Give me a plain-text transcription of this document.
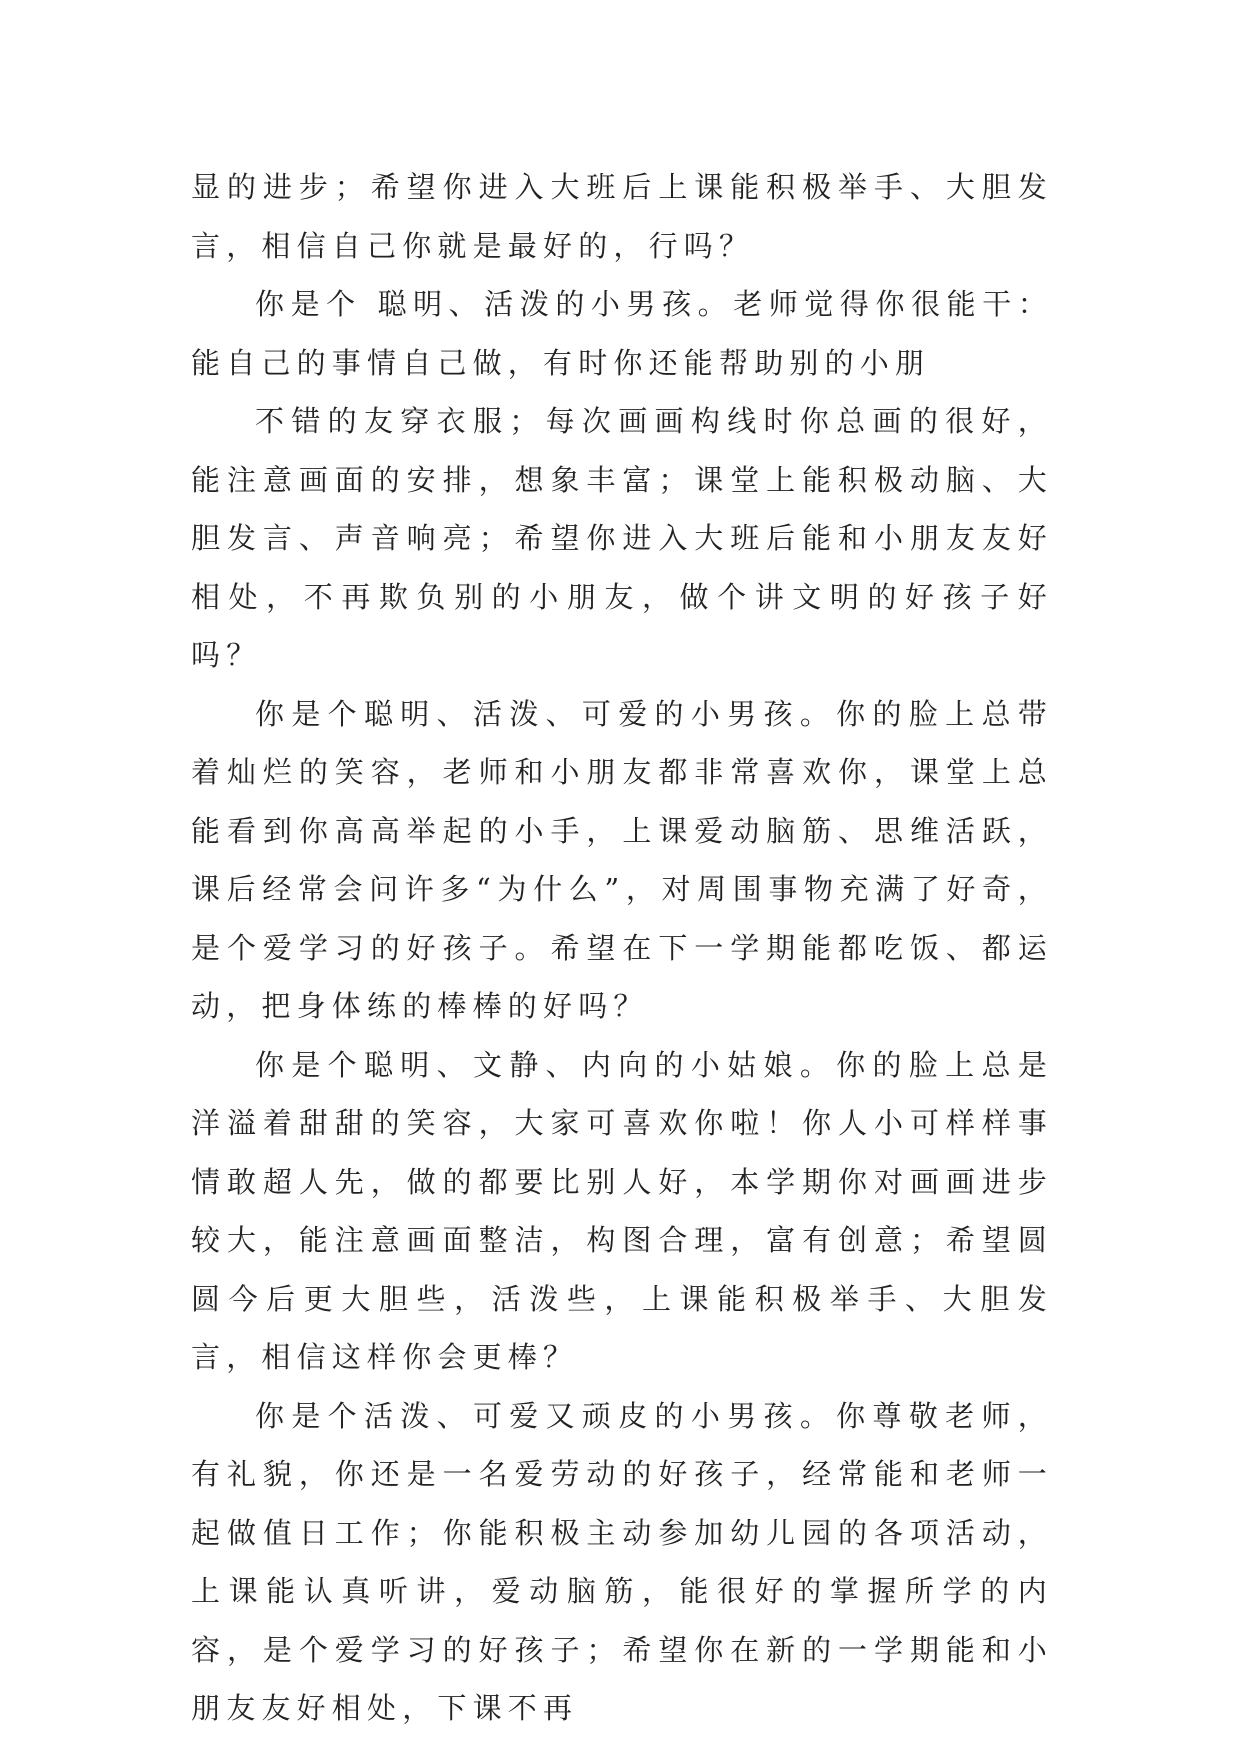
显的进步；希望你进入大班后上课能积极举手、大胆发言，相信自己你就是最好的，行吗？

你是个 聪明、活泼的小男孩。老师觉得你很能干：能自己的事情自己做，有时你还能帮助别的小朋

不错的友穿衣服；每次画画构线时你总画的很好，能注意画面的安排，想象丰富；课堂上能积极动脑、大胆发言、声音响亮；希望你进入大班后能和小朋友友好相处，不再欺负别的小朋友，做个讲文明的好孩子好吗？

你是个聪明、活泼、可爱的小男孩。你的脸上总带着灿烂的笑容，老师和小朋友都非常喜欢你，课堂上总能看到你高高举起的小手，上课爱动脑筋、思维活跃，课后经常会问许多“为什么”，对周围事物充满了好奇，是个爱学习的好孩子。希望在下一学期能都吃饭、都运动，把身体练的棒棒的好吗？

你是个聪明、文静、内向的小姑娘。你的脸上总是洋溢着甜甜的笑容，大家可喜欢你啦！你人小可样样事情敢超人先，做的都要比别人好，本学期你对画画进步较大，能注意画面整洁，构图合理，富有创意；希望圆圆今后更大胆些，活泼些，上课能积极举手、大胆发言，相信这样你会更棒？

你是个活泼、可爱又顽皮的小男孩。你尊敬老师，有礼貌，你还是一名爱劳动的好孩子，经常能和老师一起做值日工作；你能积极主动参加幼儿园的各项活动，上课能认真听讲，爱动脑筋，能很好的掌握所学的内容，是个爱学习的好孩子；希望你在新的一学期能和小朋友友好相处，下课不再
